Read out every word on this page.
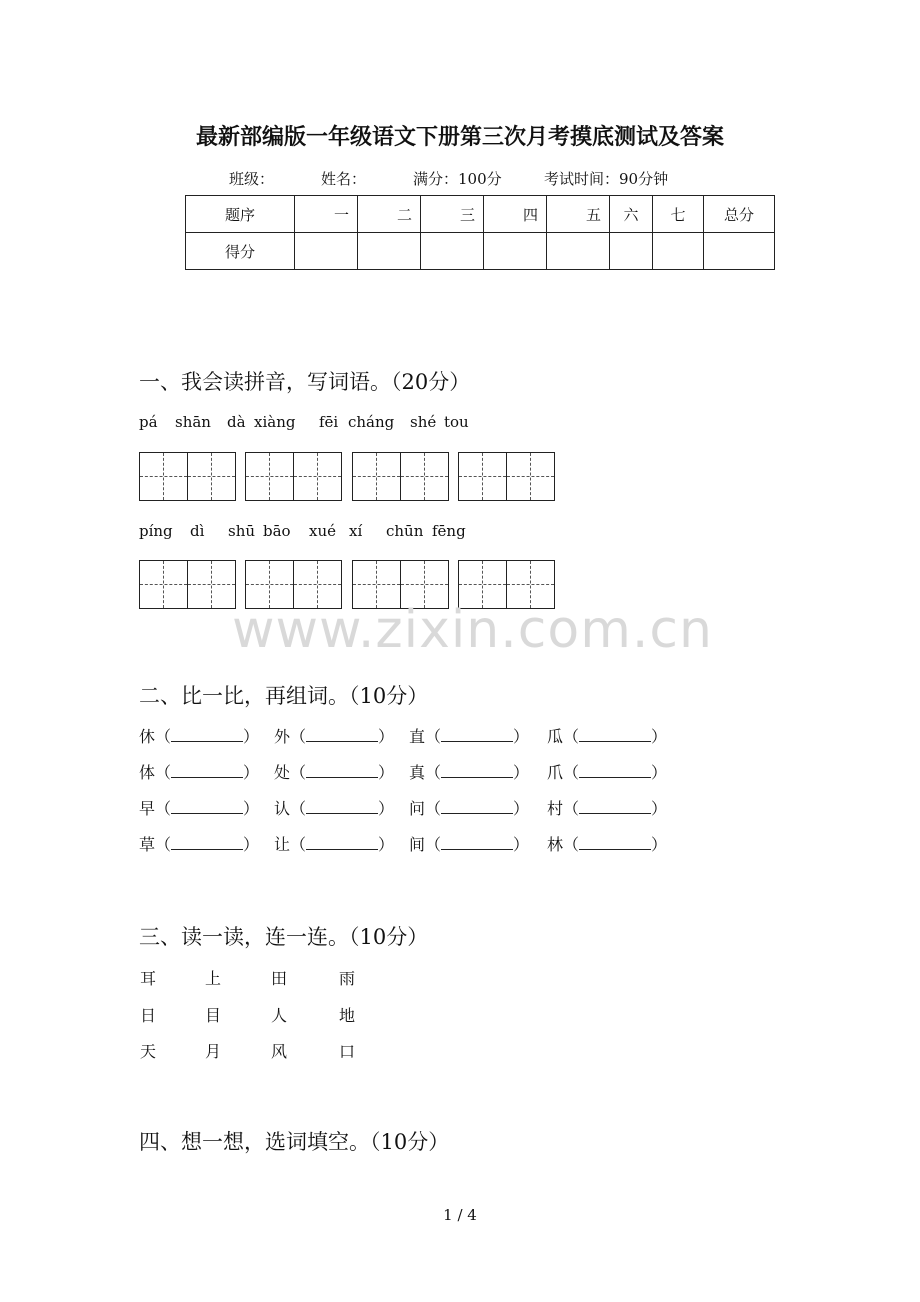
最新部编版一年级语文下册第三次月考摸底测试及答案
班级：	姓名：	满分：100分	考试时间：90分钟
题序	一	二	三	四	五	六	七	总分
得分								
一、我会读拼音，写词语。（20分）
pá shān dà xiàng fēi cháng shé tou
píng dì shū bāo xué xí chūn fēng
www.zixin.com.cn
二、比一比，再组词。（10分）
休（	） 外（	） 直（	） 瓜（	）
体（	） 处（	） 真（	） 爪（	）
早（	） 认（	） 问（	） 村（	）
草（	） 让（	） 间（	） 林（	）
三、读一读，连一连。（10分）
耳	上	田	雨
日	目	人	地
天	月	风	口
四、想一想，选词填空。（10分）
1 / 4
